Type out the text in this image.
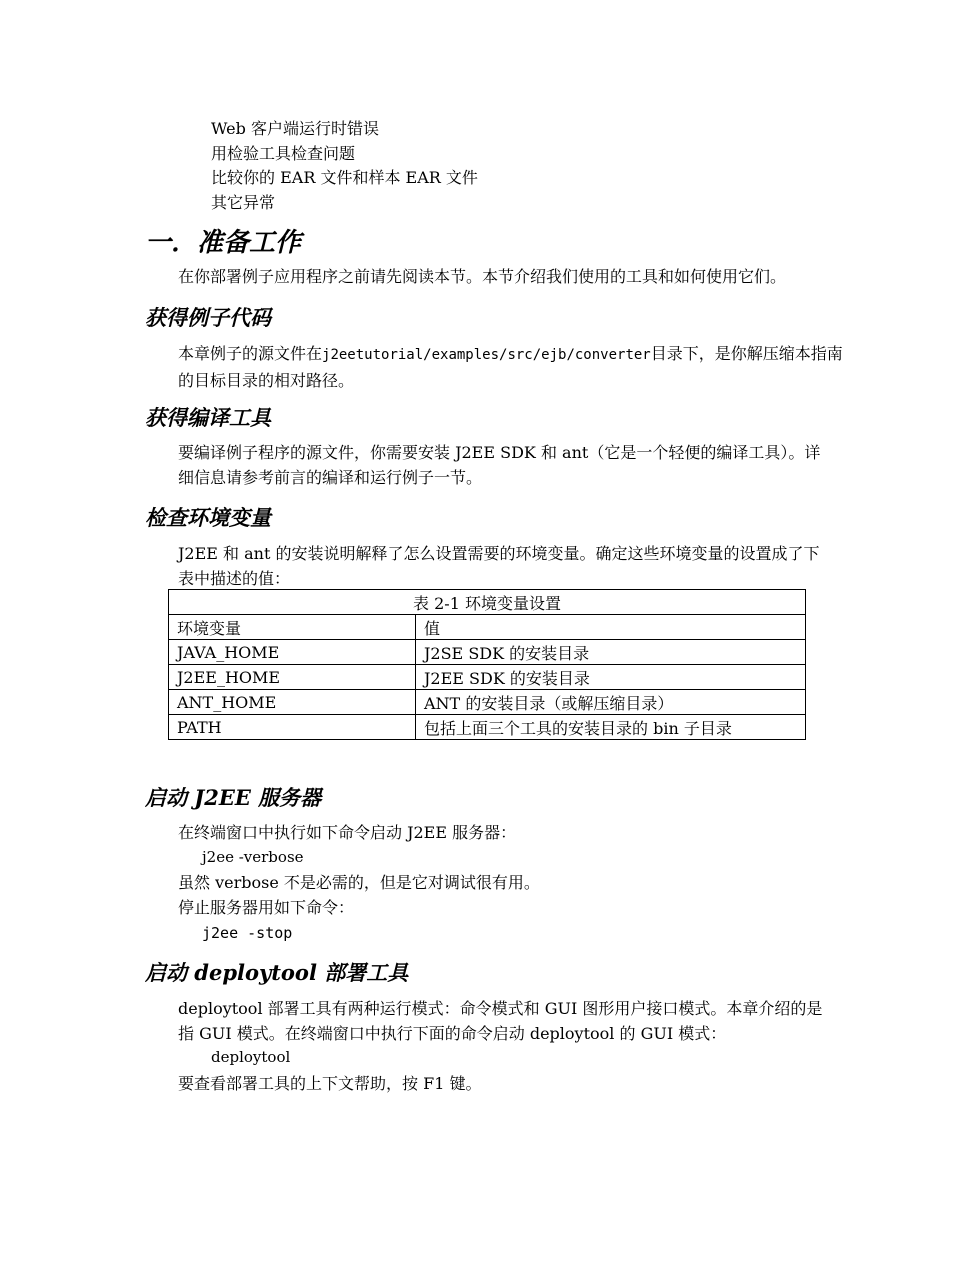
Web 客户端运行时错误
用检验工具检查问题
比较你的 EAR 文件和样本 EAR 文件
其它异常
一．准备工作
在你部署例子应用程序之前请先阅读本节。本节介绍我们使用的工具和如何使用它们。
获得例子代码
本章例子的源文件在j2eetutorial/examples/src/ejb/converter目录下，是你解压缩本指南
的目标目录的相对路径。
获得编译工具
要编译例子程序的源文件，你需要安装 J2EE SDK 和 ant（它是一个轻便的编译工具）。详
细信息请参考前言的编译和运行例子一节。
检查环境变量
J2EE 和 ant 的安装说明解释了怎么设置需要的环境变量。确定这些环境变量的设置成了下
表中描述的值：
表 2-1 环境变量设置	
环境变量	值
JAVA_HOME	J2SE SDK 的安装目录
J2EE_HOME	J2EE SDK 的安装目录
ANT_HOME	ANT 的安装目录（或解压缩目录）
PATH	包括上面三个工具的安装目录的 bin 子目录
启动 J2EE 服务器
在终端窗口中执行如下命令启动 J2EE 服务器：
j2ee -verbose
虽然 verbose 不是必需的，但是它对调试很有用。
停止服务器用如下命令：
j2ee -stop
启动 deploytool 部署工具
deploytool 部署工具有两种运行模式：命令模式和 GUI 图形用户接口模式。本章介绍的是
指 GUI 模式。在终端窗口中执行下面的命令启动 deploytool 的 GUI 模式：
deploytool
要查看部署工具的上下文帮助，按 F1 键。
